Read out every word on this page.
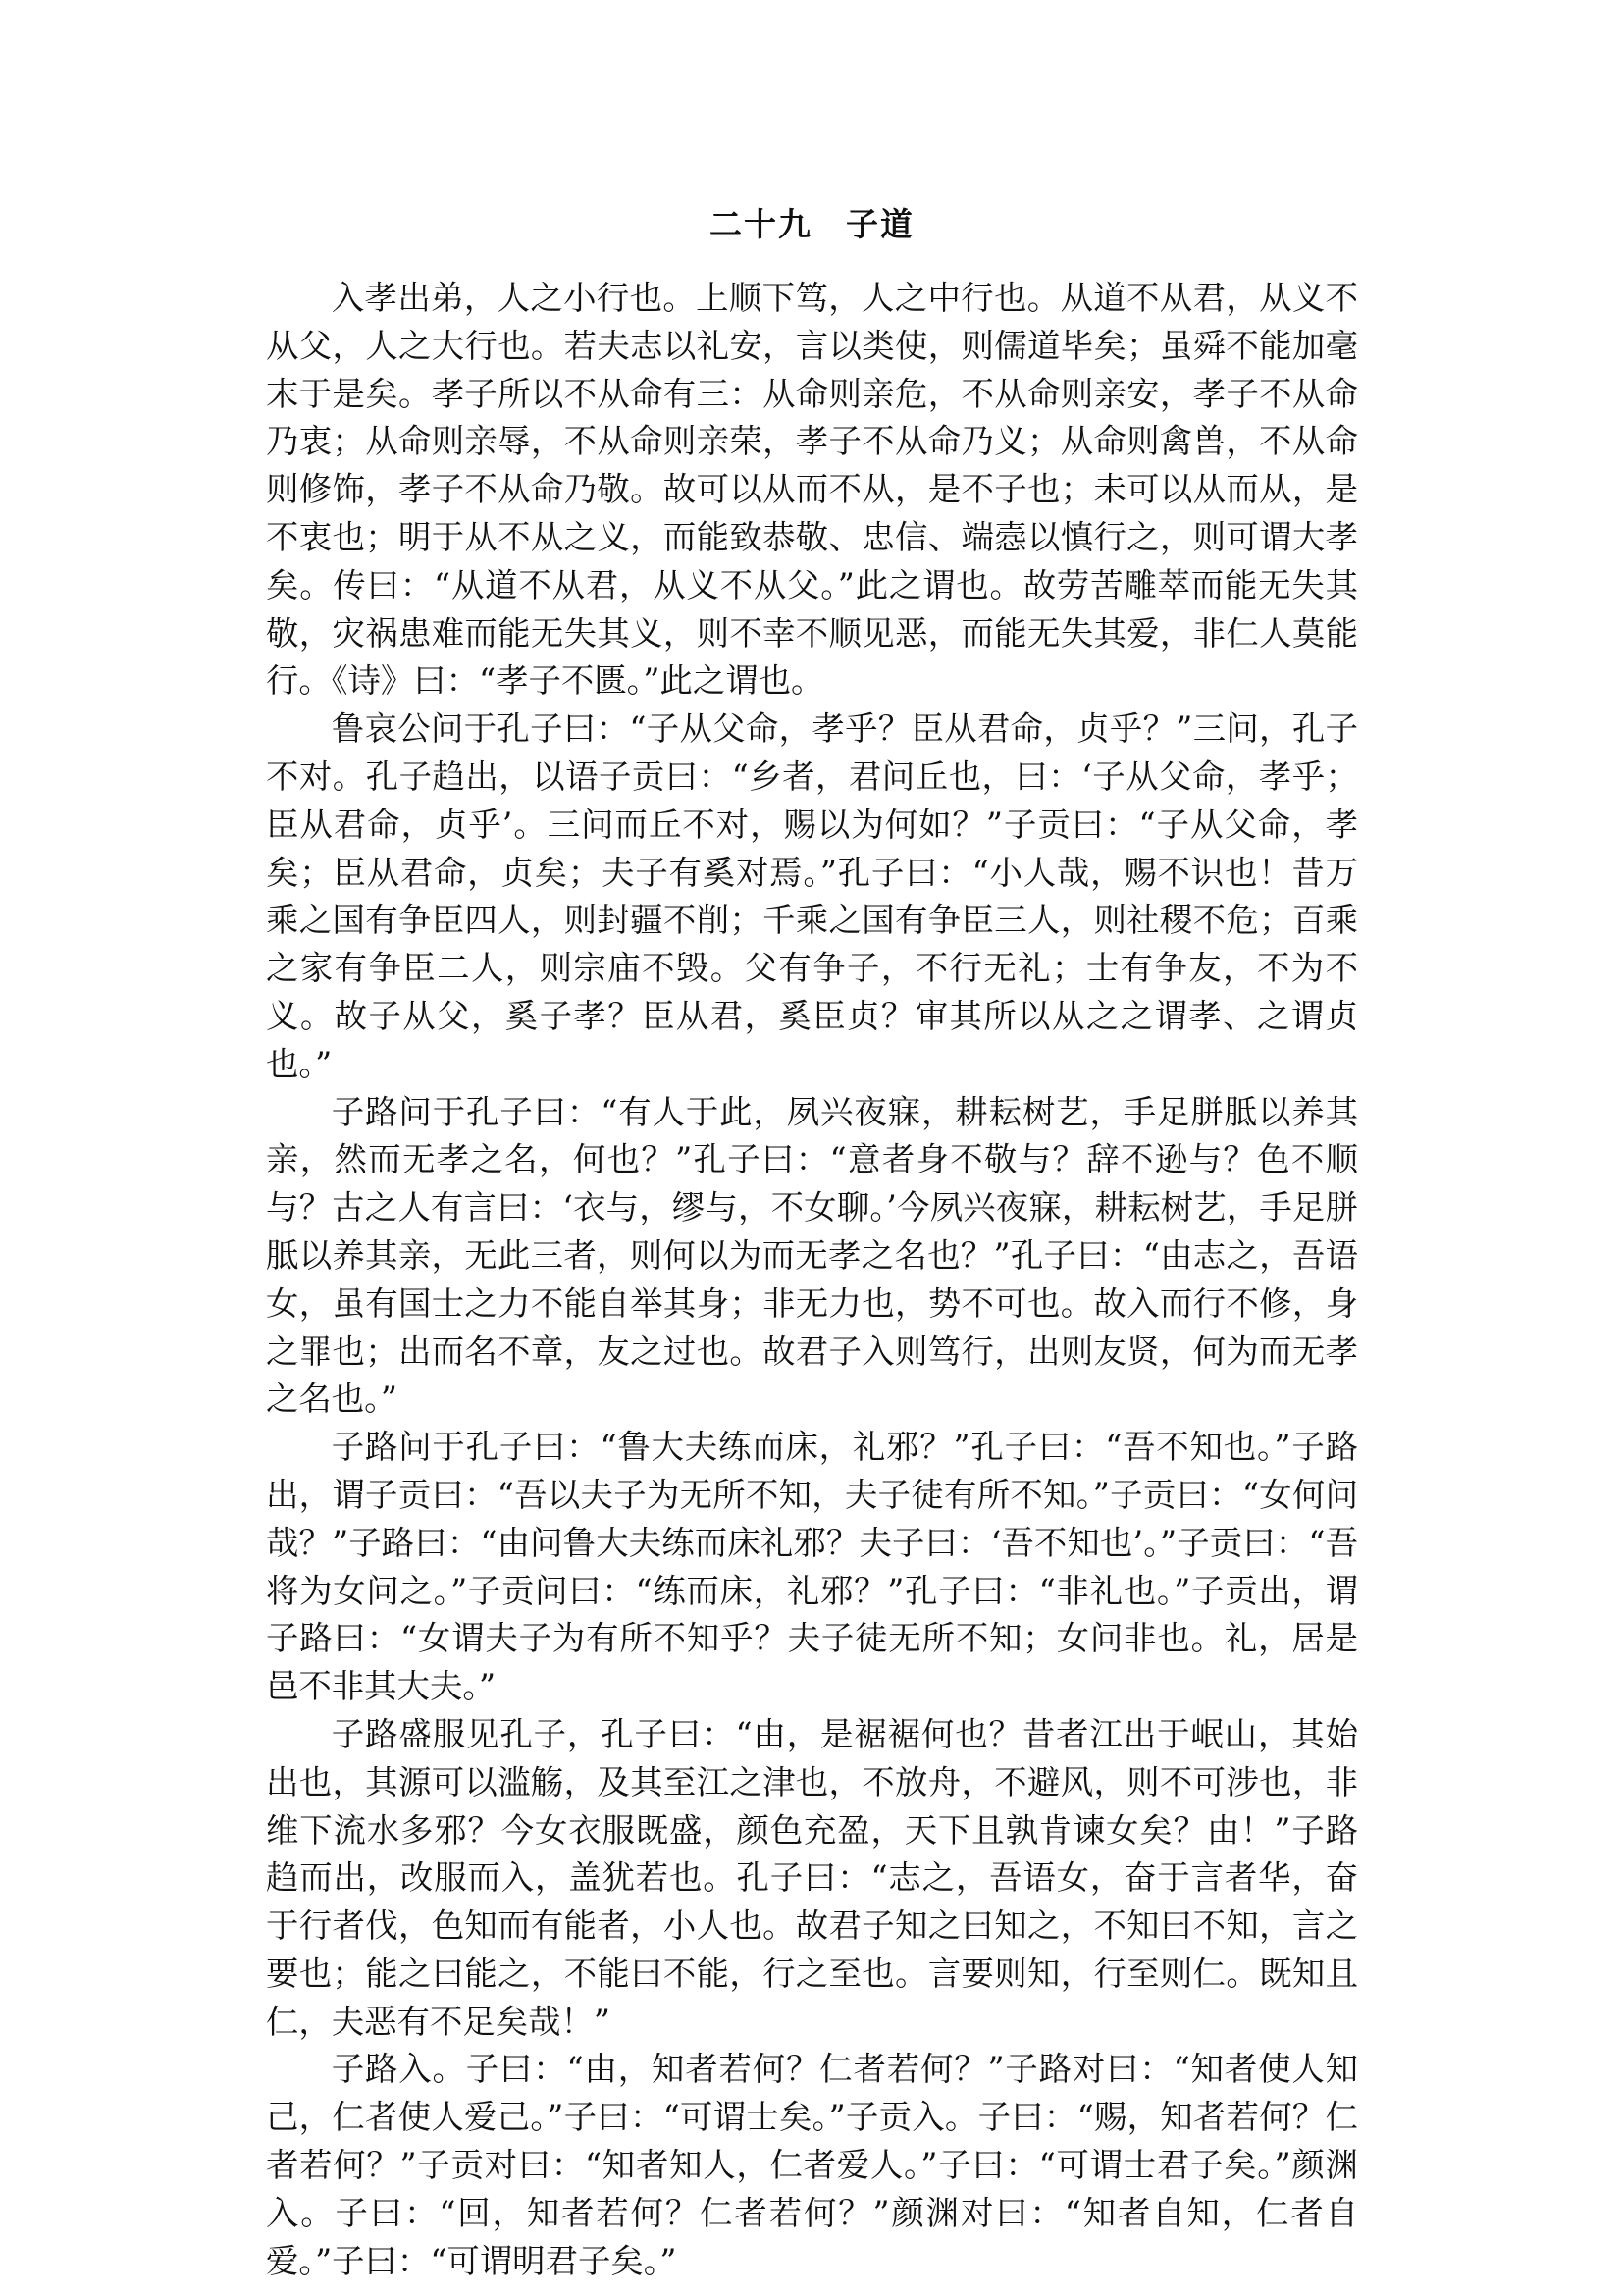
二十九 子道

入孝出弟，人之小行也。上顺下笃，人之中行也。从道不从君，从义不从父，人之大行也。若夫志以礼安，言以类使，则儒道毕矣；虽舜不能加毫末于是矣。孝子所以不从命有三：从命则亲危，不从命则亲安，孝子不从命乃衷；从命则亲辱，不从命则亲荣，孝子不从命乃义；从命则禽兽，不从命则修饰，孝子不从命乃敬。故可以从而不从，是不子也；未可以从而从，是不衷也；明于从不从之义，而能致恭敬、忠信、端悫以慎行之，则可谓大孝矣。传曰：“从道不从君，从义不从父。”此之谓也。故劳苦雕萃而能无失其敬，灾祸患难而能无失其义，则不幸不顺见恶，而能无失其爱，非仁人莫能行。《诗》曰：“孝子不匮。”此之谓也。

鲁哀公问于孔子曰：“子从父命，孝乎？臣从君命，贞乎？”三问，孔子不对。孔子趋出，以语子贡曰：“乡者，君问丘也，曰：‘子从父命，孝乎；臣从君命，贞乎’。三问而丘不对，赐以为何如？”子贡曰：“子从父命，孝矣；臣从君命，贞矣；夫子有奚对焉。”孔子曰：“小人哉，赐不识也！昔万乘之国有争臣四人，则封疆不削；千乘之国有争臣三人，则社稷不危；百乘之家有争臣二人，则宗庙不毁。父有争子，不行无礼；士有争友，不为不义。故子从父，奚子孝？臣从君，奚臣贞？审其所以从之之谓孝、之谓贞也。”

子路问于孔子曰：“有人于此，夙兴夜寐，耕耘树艺，手足胼胝以养其亲，然而无孝之名，何也？”孔子曰：“意者身不敬与？辞不逊与？色不顺与？古之人有言曰：‘衣与，缪与，不女聊。’今夙兴夜寐，耕耘树艺，手足胼胝以养其亲，无此三者，则何以为而无孝之名也？”孔子曰：“由志之，吾语女，虽有国士之力不能自举其身；非无力也，势不可也。故入而行不修，身之罪也；出而名不章，友之过也。故君子入则笃行，出则友贤，何为而无孝之名也。”

子路问于孔子曰：“鲁大夫练而床，礼邪？”孔子曰：“吾不知也。”子路出，谓子贡曰：“吾以夫子为无所不知，夫子徒有所不知。”子贡曰：“女何问哉？”子路曰：“由问鲁大夫练而床礼邪？夫子曰：‘吾不知也’。”子贡曰：“吾将为女问之。”子贡问曰：“练而床，礼邪？”孔子曰：“非礼也。”子贡出，谓子路曰：“女谓夫子为有所不知乎？夫子徒无所不知；女问非也。礼，居是邑不非其大夫。”

子路盛服见孔子，孔子曰：“由，是裾裾何也？昔者江出于岷山，其始出也，其源可以滥觞，及其至江之津也，不放舟，不避风，则不可涉也，非维下流水多邪？今女衣服既盛，颜色充盈，天下且孰肯谏女矣？由！”子路趋而出，改服而入，盖犹若也。孔子曰：“志之，吾语女，奋于言者华，奋于行者伐，色知而有能者，小人也。故君子知之曰知之，不知曰不知，言之要也；能之曰能之，不能曰不能，行之至也。言要则知，行至则仁。既知且仁，夫恶有不足矣哉！”

子路入。子曰：“由，知者若何？仁者若何？”子路对曰：“知者使人知己，仁者使人爱己。”子曰：“可谓士矣。”子贡入。子曰：“赐，知者若何？仁者若何？”子贡对曰：“知者知人，仁者爱人。”子曰：“可谓士君子矣。”颜渊入。子曰：“回，知者若何？仁者若何？”颜渊对曰：“知者自知，仁者自爱。”子曰：“可谓明君子矣。”
